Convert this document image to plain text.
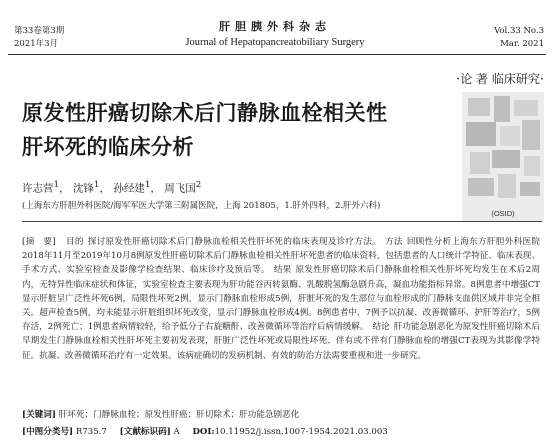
第33卷第3期
2021年3月
肝胆胰外科杂志
Journal of Hepatopancreatobiliary Surgery
Vol.33 No.3
Mar. 2021
·论 著 临床研究·
原发性肝癌切除术后门静脉血栓相关性
肝坏死的临床分析
(OSID)
许志营$^1$， 沈锋$^1$， 孙经建$^1$， 周飞国$^2$
(上海东方肝胆外科医院/海军军医大学第三附属医院，上海 201805，1.肝外四科，2.肝外六科)
[摘　要] 目的 探讨原发性肝癌切除术后门静脉血栓相关性肝坏死的临床表现及诊疗方法。 方法 回顾性分析上海东方肝胆外科医院2018年11月至2019年10月8例原发性肝癌切除术后门静脉血栓相关性肝坏死患者的临床资料，包括患者的人口统计学特征、临床表现、手术方式、实验室检查及影像学检查结果、临床诊疗及预后等。 结果 原发性肝癌切除术后门静脉血栓相关性肝坏死均发生在术后2周内，无特异性临床症状和体征，实验室检查主要表现为肝功能谷丙转氨酶、乳酸脱氢酶急剧升高，凝血功能指标异常。8例患者中增强CT显示肝脏呈广泛性坏死6例，局限性坏死2例，显示门静脉血栓形成5例，肝脏坏死的发生部位与血栓形成的门静脉支血供区域并非完全相关。超声检查5例，均未能显示肝脏组织坏死改变，显示门静脉血栓形成4例。8例患者中，7例予以抗凝、改善微循环、护肝等治疗，5例存活，2例死亡；1例患者病情较轻，给予低分子右旋糖酐、改善微循环等治疗后病情缓解。 结论 肝功能急剧恶化为原发性肝癌切除术后早期发生门静脉血栓相关性肝坏死主要初发表现，肝脏广泛性坏死或局限性坏死、伴有或不伴有门静脉血栓的增强CT表现为其影像学特征。抗凝、改善微循环治疗有一定效果。该病症确切的发病机制、有效的防治方法需要重视和进一步研究。
[关键词] 肝坏死；门静脉血栓；原发性肝癌；肝切除术；肝功能急剧恶化
[中图分类号] R735.7 [文献标识码] A DOI:10.11952/j.issn.1007-1954.2021.03.003
